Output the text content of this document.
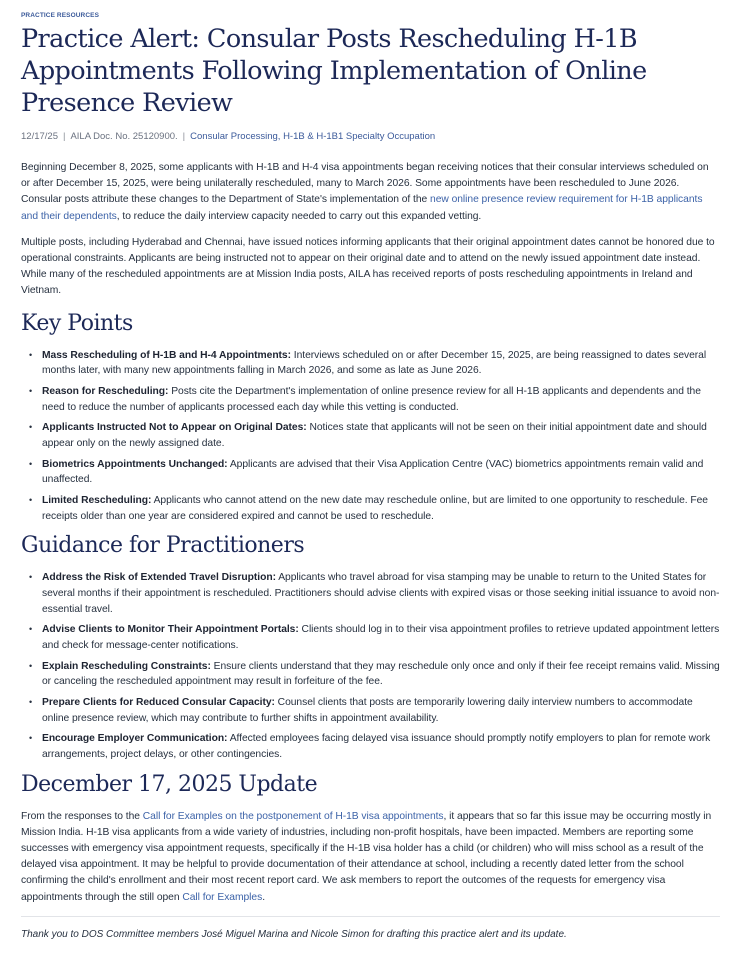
PRACTICE RESOURCES
Practice Alert: Consular Posts Rescheduling H-1B Appointments Following Implementation of Online Presence Review
12/17/25 | AILA Doc. No. 25120900. | Consular Processing, H-1B & H-1B1 Specialty Occupation

Beginning December 8, 2025, some applicants with H-1B and H-4 visa appointments began receiving notices that their consular interviews scheduled on or after December 15, 2025, were being unilaterally rescheduled, many to March 2026. Some appointments have been rescheduled to June 2026. Consular posts attribute these changes to the Department of State's implementation of the new online presence review requirement for H-1B applicants and their dependents, to reduce the daily interview capacity needed to carry out this expanded vetting.

Multiple posts, including Hyderabad and Chennai, have issued notices informing applicants that their original appointment dates cannot be honored due to operational constraints. Applicants are being instructed not to appear on their original date and to attend on the newly issued appointment date instead. While many of the rescheduled appointments are at Mission India posts, AILA has received reports of posts rescheduling appointments in Ireland and Vietnam.

Key Points
• Mass Rescheduling of H-1B and H-4 Appointments: Interviews scheduled on or after December 15, 2025, are being reassigned to dates several months later, with many new appointments falling in March 2026, and some as late as June 2026.
• Reason for Rescheduling: Posts cite the Department's implementation of online presence review for all H-1B applicants and dependents and the need to reduce the number of applicants processed each day while this vetting is conducted.
• Applicants Instructed Not to Appear on Original Dates: Notices state that applicants will not be seen on their initial appointment date and should appear only on the newly assigned date.
• Biometrics Appointments Unchanged: Applicants are advised that their Visa Application Centre (VAC) biometrics appointments remain valid and unaffected.
• Limited Rescheduling: Applicants who cannot attend on the new date may reschedule online, but are limited to one opportunity to reschedule. Fee receipts older than one year are considered expired and cannot be used to reschedule.
Guidance for Practitioners
• Address the Risk of Extended Travel Disruption: Applicants who travel abroad for visa stamping may be unable to return to the United States for several months if their appointment is rescheduled. Practitioners should advise clients with expired visas or those seeking initial issuance to avoid non-essential travel.
• Advise Clients to Monitor Their Appointment Portals: Clients should log in to their visa appointment profiles to retrieve updated appointment letters and check for message-center notifications.
• Explain Rescheduling Constraints: Ensure clients understand that they may reschedule only once and only if their fee receipt remains valid. Missing or canceling the rescheduled appointment may result in forfeiture of the fee.
• Prepare Clients for Reduced Consular Capacity: Counsel clients that posts are temporarily lowering daily interview numbers to accommodate online presence review, which may contribute to further shifts in appointment availability.
• Encourage Employer Communication: Affected employees facing delayed visa issuance should promptly notify employers to plan for remote work arrangements, project delays, or other contingencies.
December 17, 2025 Update

From the responses to the Call for Examples on the postponement of H-1B visa appointments, it appears that so far this issue may be occurring mostly in Mission India. H-1B visa applicants from a wide variety of industries, including non-profit hospitals, have been impacted. Members are reporting some successes with emergency visa appointment requests, specifically if the H-1B visa holder has a child (or children) who will miss school as a result of the delayed visa appointment. It may be helpful to provide documentation of their attendance at school, including a recently dated letter from the school confirming the child's enrollment and their most recent report card. We ask members to report the outcomes of the requests for emergency visa appointments through the still open Call for Examples.

Thank you to DOS Committee members José Miguel Marina and Nicole Simon for drafting this practice alert and its update.
